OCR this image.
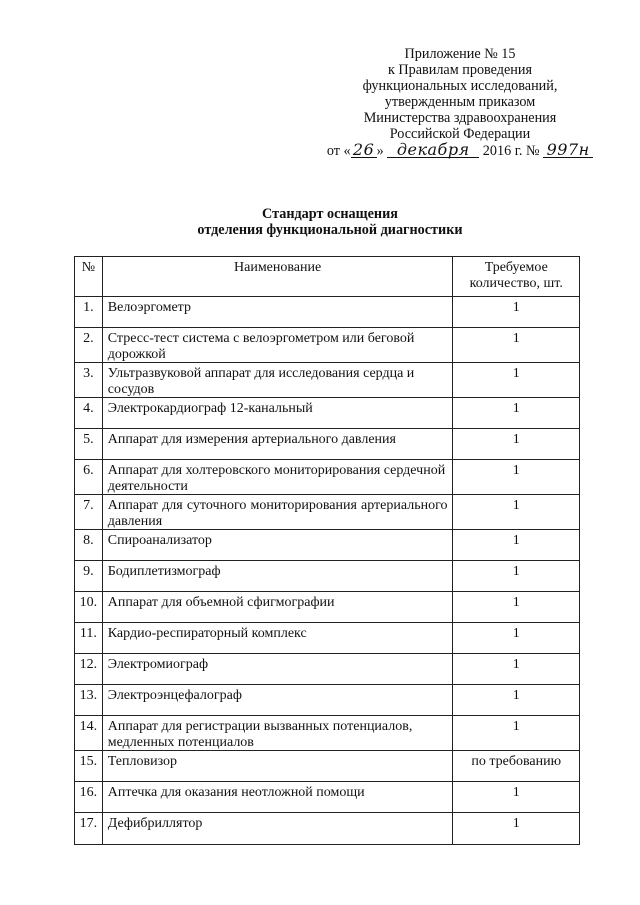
Приложение № 15
к Правилам проведения
функциональных исследований,
утвержденным приказом
Министерства здравоохранения
Российской Федерации
от « 26 » декабря 2016 г. № 997н
Стандарт оснащения
отделения функциональной диагностики
№	Наименование	Требуемое количество, шт.
1.	Велоэргометр	1
2.	Стресс-тест система с велоэргометром или беговой дорожкой	1
3.	Ультразвуковой аппарат для исследования сердца и сосудов	1
4.	Электрокардиограф 12-канальный	1
5.	Аппарат для измерения артериального давления	1
6.	Аппарат для холтеровского мониторирования сердечной деятельности	1
7.	Аппарат для суточного мониторирования артериального давления	1
8.	Спироанализатор	1
9.	Бодиплетизмограф	1
10.	Аппарат для объемной сфигмографии	1
11.	Кардио-респираторный комплекс	1
12.	Электромиограф	1
13.	Электроэнцефалограф	1
14.	Аппарат для регистрации вызванных потенциалов, медленных потенциалов	1
15.	Тепловизор	по требованию
16.	Аптечка для оказания неотложной помощи	1
17.	Дефибриллятор	1
